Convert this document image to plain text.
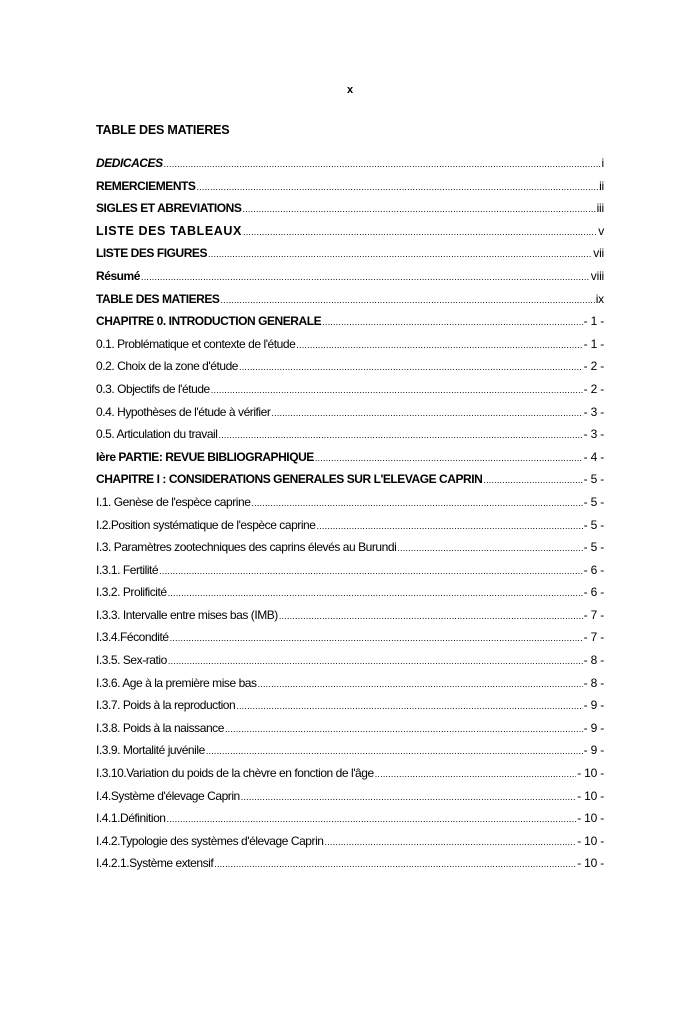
x
TABLE DES MATIERES
DEDICACES .....	i
REMERCIEMENTS .....	ii
SIGLES ET ABREVIATIONS .....	iii
LISTE DES TABLEAUX .....	v
LISTE DES FIGURES .....	vii
Résumé .....	viii
TABLE DES MATIERES .....	ix
CHAPITRE 0. INTRODUCTION GENERALE .....	- 1 -
0.1. Problématique et contexte de l'étude .....	- 1 -
0.2. Choix de la zone d'étude .....	- 2 -
0.3. Objectifs de l'étude .....	- 2 -
0.4. Hypothèses de l'étude à vérifier .....	- 3 -
0.5. Articulation du travail .....	- 3 -
Ière PARTIE: REVUE BIBLIOGRAPHIQUE .....	- 4 -
CHAPITRE I : CONSIDERATIONS GENERALES SUR L'ELEVAGE CAPRIN .....	- 5 -
I.1. Genèse de l'espèce caprine .....	- 5 -
I.2.Position systématique de l'espèce caprine .....	- 5 -
I.3. Paramètres zootechniques des caprins élevés au Burundi .....	- 5 -
I.3.1. Fertilité .....	- 6 -
I.3.2. Prolificité .....	- 6 -
I.3.3. Intervalle entre mises bas (IMB) .....	- 7 -
I.3.4.Fécondité .....	- 7 -
I.3.5. Sex-ratio .....	- 8 -
I.3.6. Age à la première mise bas .....	- 8 -
I.3.7. Poids à la reproduction .....	- 9 -
I.3.8. Poids à la naissance .....	- 9 -
I.3.9. Mortalité juvénile .....	- 9 -
I.3.10.Variation du poids de la chèvre en fonction de l'âge .....	- 10 -
I.4.Système d'élevage Caprin .....	- 10 -
I.4.1.Définition .....	- 10 -
I.4.2.Typologie des systèmes d'élevage Caprin .....	- 10 -
I.4.2.1.Système extensif .....	- 10 -
